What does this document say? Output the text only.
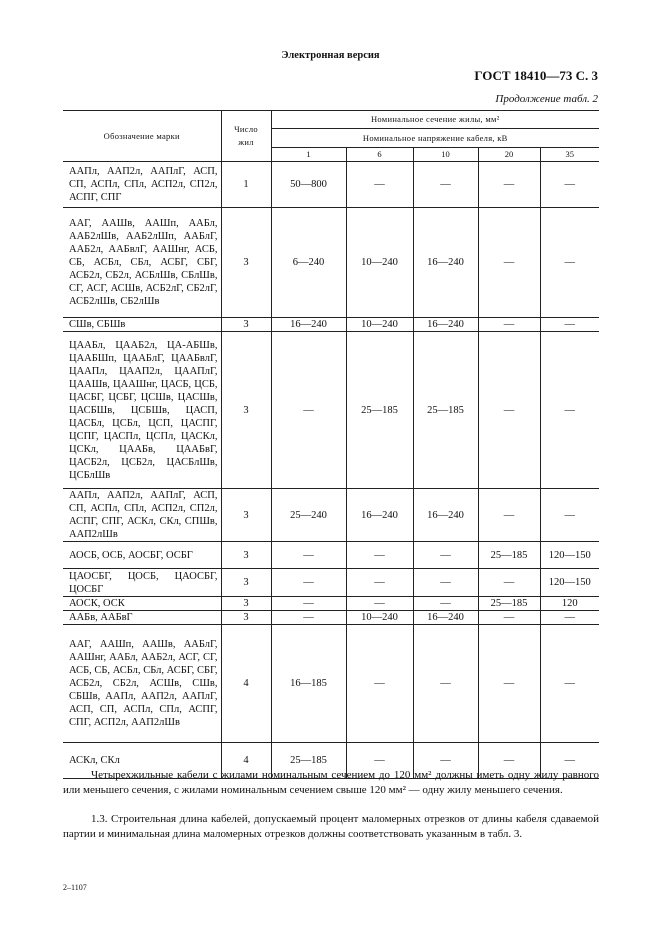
Электронная версия
ГОСТ 18410—73 С. 3
Продолжение табл. 2
Обозначение марки	Число жил	Номинальное сечение жилы, мм²				
		Номинальное напряжение кабеля, кВ				
		1	6	10	20	35
ААПл, ААП2л, ААПлГ, АСП, СП, АСПл, СПл, АСП2л, СП2л, АСПГ, СПГ	1	50—800	—	—	—	—
ААГ, ААШв, ААШп, ААБл, ААБ2лШв, ААБ2лШп, ААБлГ, ААБ2л, ААБвлГ, ААШнг, АСБ, СБ, АСБл, СБл, АСБГ, СБГ, АСБ2л, СБ2л, АСБлШв, СБлШв, СГ, АСГ, АСШв, АСБ2лГ, СБ2лГ, АСБ2лШв, СБ2лШв	3	6—240	10—240	16—240	—	—
СШв, СБШв	3	16—240	10—240	16—240	—	—
ЦААБл, ЦААБ2л, ЦА-АБШв, ЦААБШп, ЦААБлГ, ЦААБвлГ, ЦААПл, ЦААП2л, ЦААПлГ, ЦААШв, ЦААШнг, ЦАСБ, ЦСБ, ЦАСБГ, ЦСБГ, ЦСШв, ЦАСШв, ЦАСБШв, ЦСБШв, ЦАСП, ЦАСБл, ЦСБл, ЦСП, ЦАСПГ, ЦСПГ, ЦАСПл, ЦСПл, ЦАСКл, ЦСКл, ЦААБв, ЦААБвГ, ЦАСБ2л, ЦСБ2л, ЦАСБлШв, ЦСБлШв	3	—	25—185	25—185	—	—
ААПл, ААП2л, ААПлГ, АСП, СП, АСПл, СПл, АСП2л, СП2л, АСПГ, СПГ, АСКл, СКл, СПШв, ААП2лШв	3	25—240	16—240	16—240	—	—
АОСБ, ОСБ, АОСБГ, ОСБГ	3	—	—	—	25—185	120—150
ЦАОСБГ, ЦОСБ, ЦАОСБГ, ЦОСБГ	3	—	—	—	—	120—150
АОСК, ОСК	3	—	—	—	25—185	120
ААБв, ААБвГ	3	—	10—240	16—240	—	—
ААГ, ААШп, ААШв, ААБлГ, ААШнг, ААБл, ААБ2л, АСГ, СГ, АСБ, СБ, АСБл, СБл, АСБГ, СБГ, АСБ2л, СБ2л, АСШв, СШв, СБШв, ААПл, ААП2л, ААПлГ, АСП, СП, АСПл, СПл, АСПГ, СПГ, АСП2л, ААП2лШв	4	16—185	—	—	—	—
АСКл, СКл	4	25—185	—	—	—	—
Четырехжильные кабели с жилами номинальным сечением до 120 мм² должны иметь одну жилу равного или меньшего сечения, с жилами номинальным сечением свыше 120 мм² — одну жилу меньшего сечения.
1.3. Строительная длина кабелей, допускаемый процент маломерных отрезков от длины кабеля сдаваемой партии и минимальная длина маломерных отрезков должны соответствовать указанным в табл. 3.
2–1107
